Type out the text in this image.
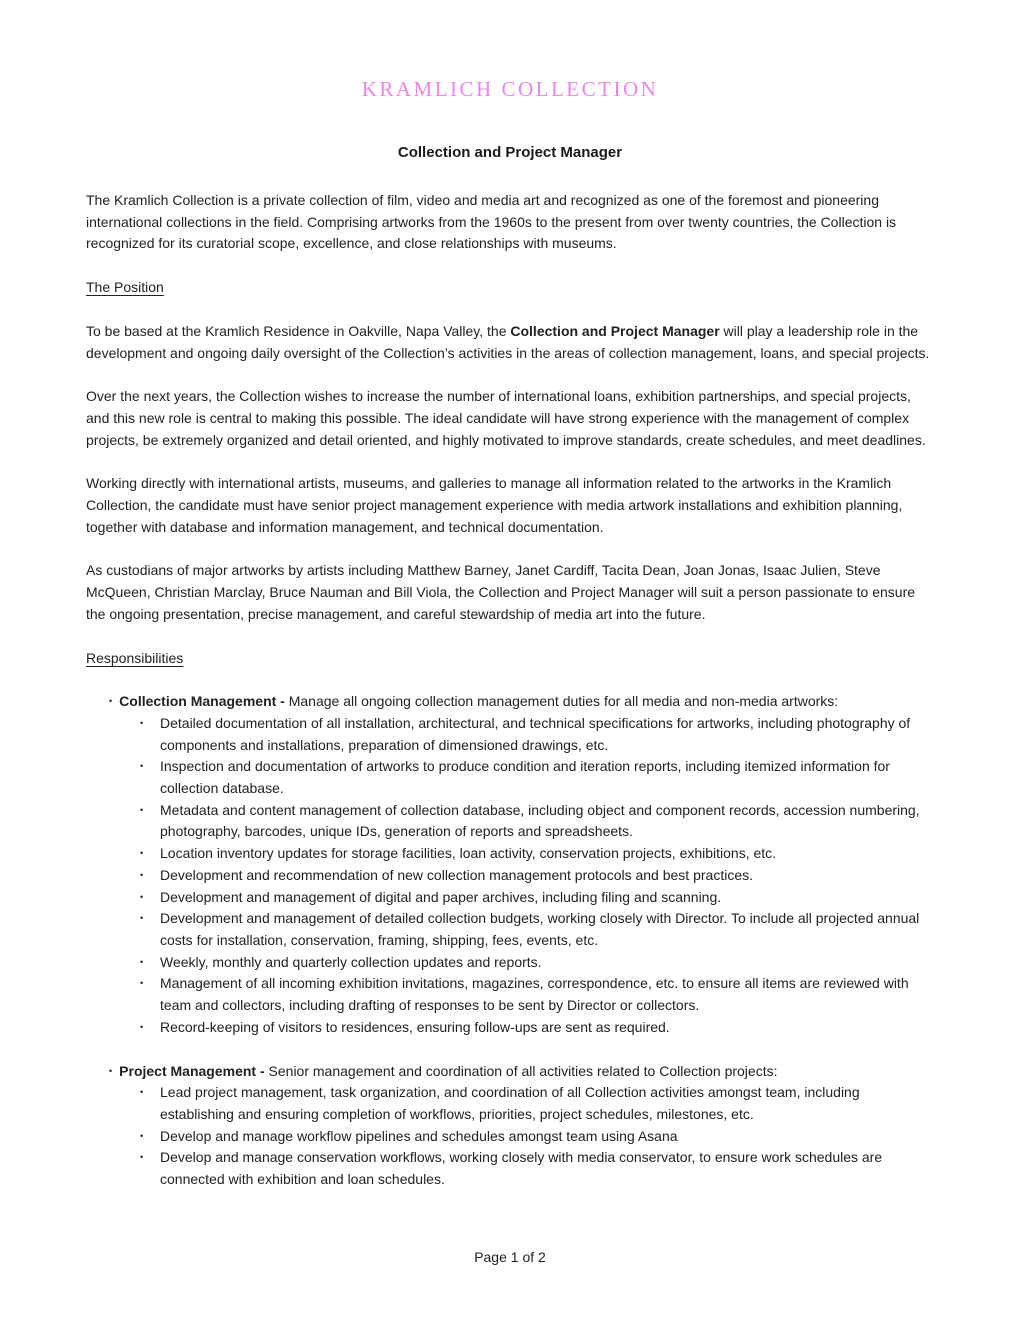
KRAMLICH COLLECTION
Collection and Project Manager

The Kramlich Collection is a private collection of film, video and media art and recognized as one of the foremost and pioneering international collections in the field. Comprising artworks from the 1960s to the present from over twenty countries, the Collection is recognized for its curatorial scope, excellence, and close relationships with museums.

The Position

To be based at the Kramlich Residence in Oakville, Napa Valley, the Collection and Project Manager will play a leadership role in the development and ongoing daily oversight of the Collection’s activities in the areas of collection management, loans, and special projects.

Over the next years, the Collection wishes to increase the number of international loans, exhibition partnerships, and special projects, and this new role is central to making this possible. The ideal candidate will have strong experience with the management of complex projects, be extremely organized and detail oriented, and highly motivated to improve standards, create schedules, and meet deadlines.

Working directly with international artists, museums, and galleries to manage all information related to the artworks in the Kramlich Collection, the candidate must have senior project management experience with media artwork installations and exhibition planning, together with database and information management, and technical documentation.

As custodians of major artworks by artists including Matthew Barney, Janet Cardiff, Tacita Dean, Joan Jonas, Isaac Julien, Steve McQueen, Christian Marclay, Bruce Nauman and Bill Viola, the Collection and Project Manager will suit a person passionate to ensure the ongoing presentation, precise management, and careful stewardship of media art into the future.

Responsibilities
• Collection Management - Manage all ongoing collection management duties for all media and non-media artworks:
•
Detailed documentation of all installation, architectural, and technical specifications for artworks, including photography of components and installations, preparation of dimensioned drawings, etc.
•
Inspection and documentation of artworks to produce condition and iteration reports, including itemized information for collection database.
•
Metadata and content management of collection database, including object and component records, accession numbering, photography, barcodes, unique IDs, generation of reports and spreadsheets.
•
Location inventory updates for storage facilities, loan activity, conservation projects, exhibitions, etc.
•
Development and recommendation of new collection management protocols and best practices.
•
Development and management of digital and paper archives, including filing and scanning.
•
Development and management of detailed collection budgets, working closely with Director. To include all projected annual costs for installation, conservation, framing, shipping, fees, events, etc.
•
Weekly, monthly and quarterly collection updates and reports.
•
Management of all incoming exhibition invitations, magazines, correspondence, etc. to ensure all items are reviewed with team and collectors, including drafting of responses to be sent by Director or collectors.
•
Record-keeping of visitors to residences, ensuring follow-ups are sent as required.
• Project Management - Senior management and coordination of all activities related to Collection projects:
•
Lead project management, task organization, and coordination of all Collection activities amongst team, including establishing and ensuring completion of workflows, priorities, project schedules, milestones, etc.
•
Develop and manage workflow pipelines and schedules amongst team using Asana
•
Develop and manage conservation workflows, working closely with media conservator, to ensure work schedules are connected with exhibition and loan schedules.
Page 1 of 2
